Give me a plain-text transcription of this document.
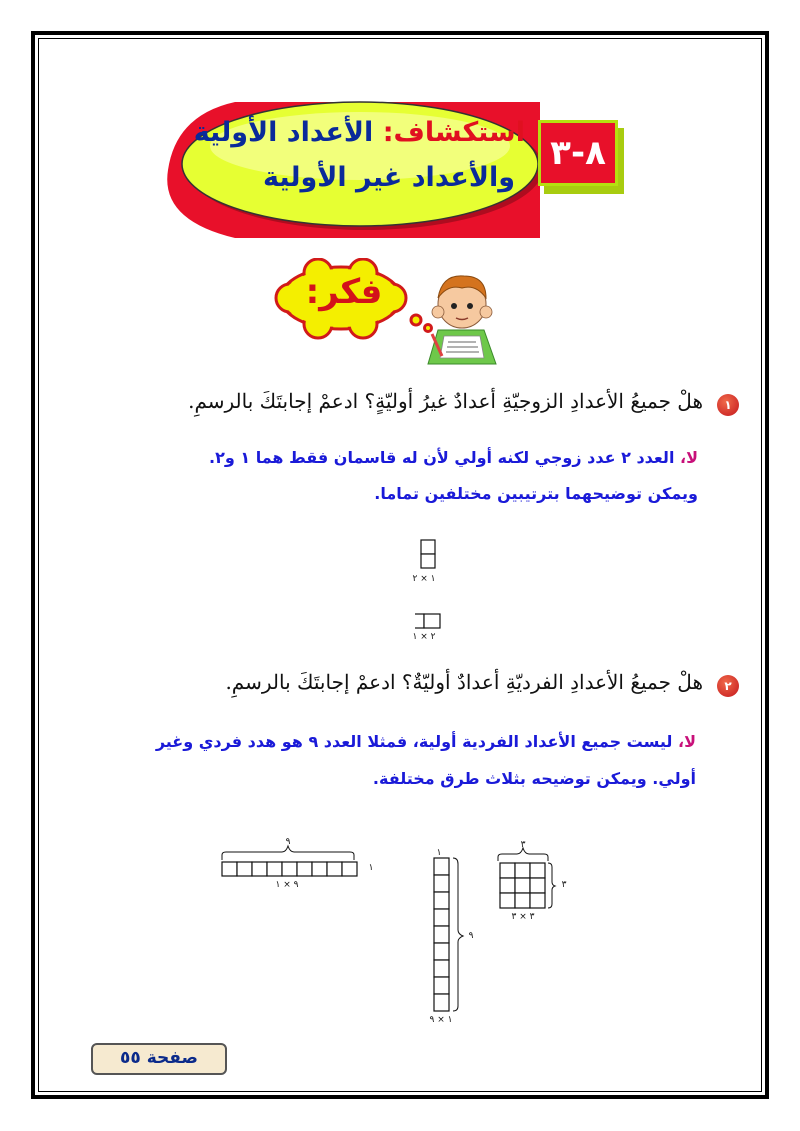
٨-٣
استكشاف: الأعداد الأولية
والأعداد غير الأولية
فكر:
١
هلْ جميعُ الأعدادِ الزوجيّةِ أعدادٌ غيرُ أوليّةٍ؟ ادعمْ إجابتَكَ بالرسمِ.
لا، العدد ٢ عدد زوجي لكنه أولي لأن له قاسمان فقط هما ١ و٢.
ويمكن توضيحهما بترتيبين مختلفين تماما.
١ × ٢
٢ × ١
٢
هلْ جميعُ الأعدادِ الفرديّةِ أعدادٌ أوليّةٌ؟ ادعمْ إجابتَكَ بالرسمِ.
لا، ليست جميع الأعداد الفردية أولية، فمثلا العدد ٩ هو هدد فردي وغير
أولي. ويمكن توضيحه بثلاث طرق مختلفة.
٩
١
٩ × ١
١
٩
١ × ٩
٣
٣
٣ × ٣
صفحة ٥٥
